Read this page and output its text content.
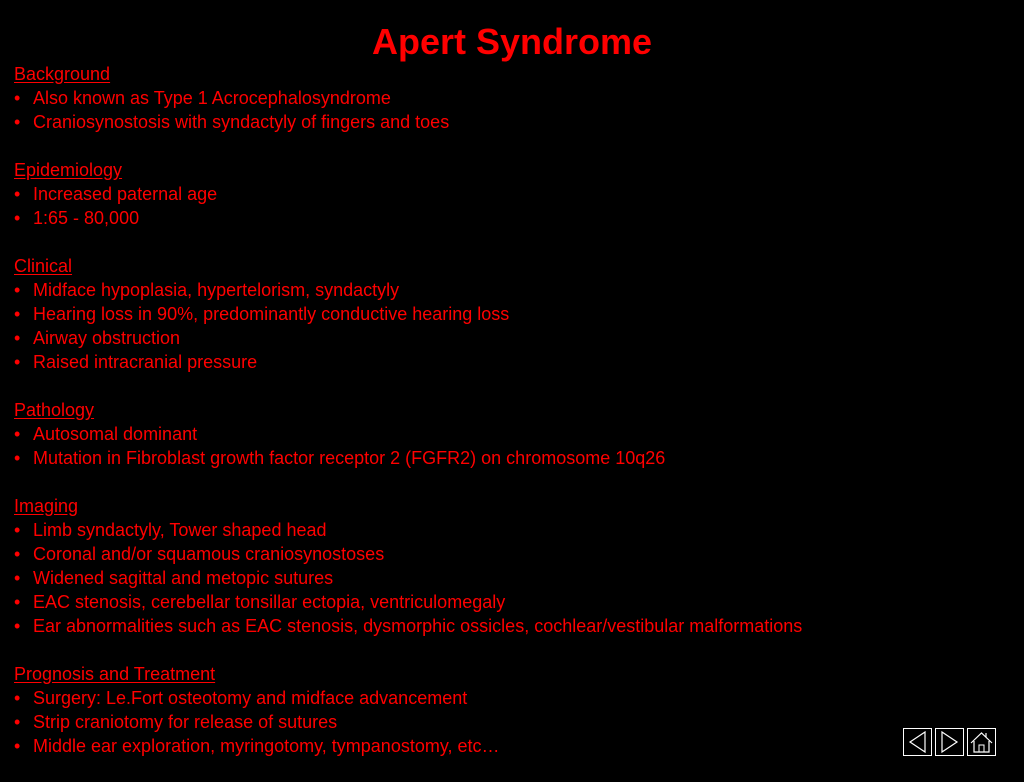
Apert Syndrome
Background
• Also known as Type 1 Acrocephalosyndrome
• Craniosynostosis with syndactyly of fingers and toes
Epidemiology
• Increased paternal age
• 1:65 - 80,000
Clinical
• Midface hypoplasia, hypertelorism, syndactyly
• Hearing loss in 90%, predominantly conductive hearing loss
• Airway obstruction
• Raised intracranial pressure
Pathology
• Autosomal dominant
• Mutation in Fibroblast growth factor receptor 2 (FGFR2) on chromosome 10q26
Imaging
• Limb syndactyly, Tower shaped head
• Coronal and/or squamous craniosynostoses
• Widened sagittal and metopic sutures
• EAC stenosis, cerebellar tonsillar ectopia, ventriculomegaly
• Ear abnormalities such as EAC stenosis, dysmorphic ossicles, cochlear/vestibular malformations
Prognosis and Treatment
• Surgery: Le.Fort osteotomy and midface advancement
• Strip craniotomy for release of sutures
• Middle ear exploration, myringotomy, tympanostomy, etc…
